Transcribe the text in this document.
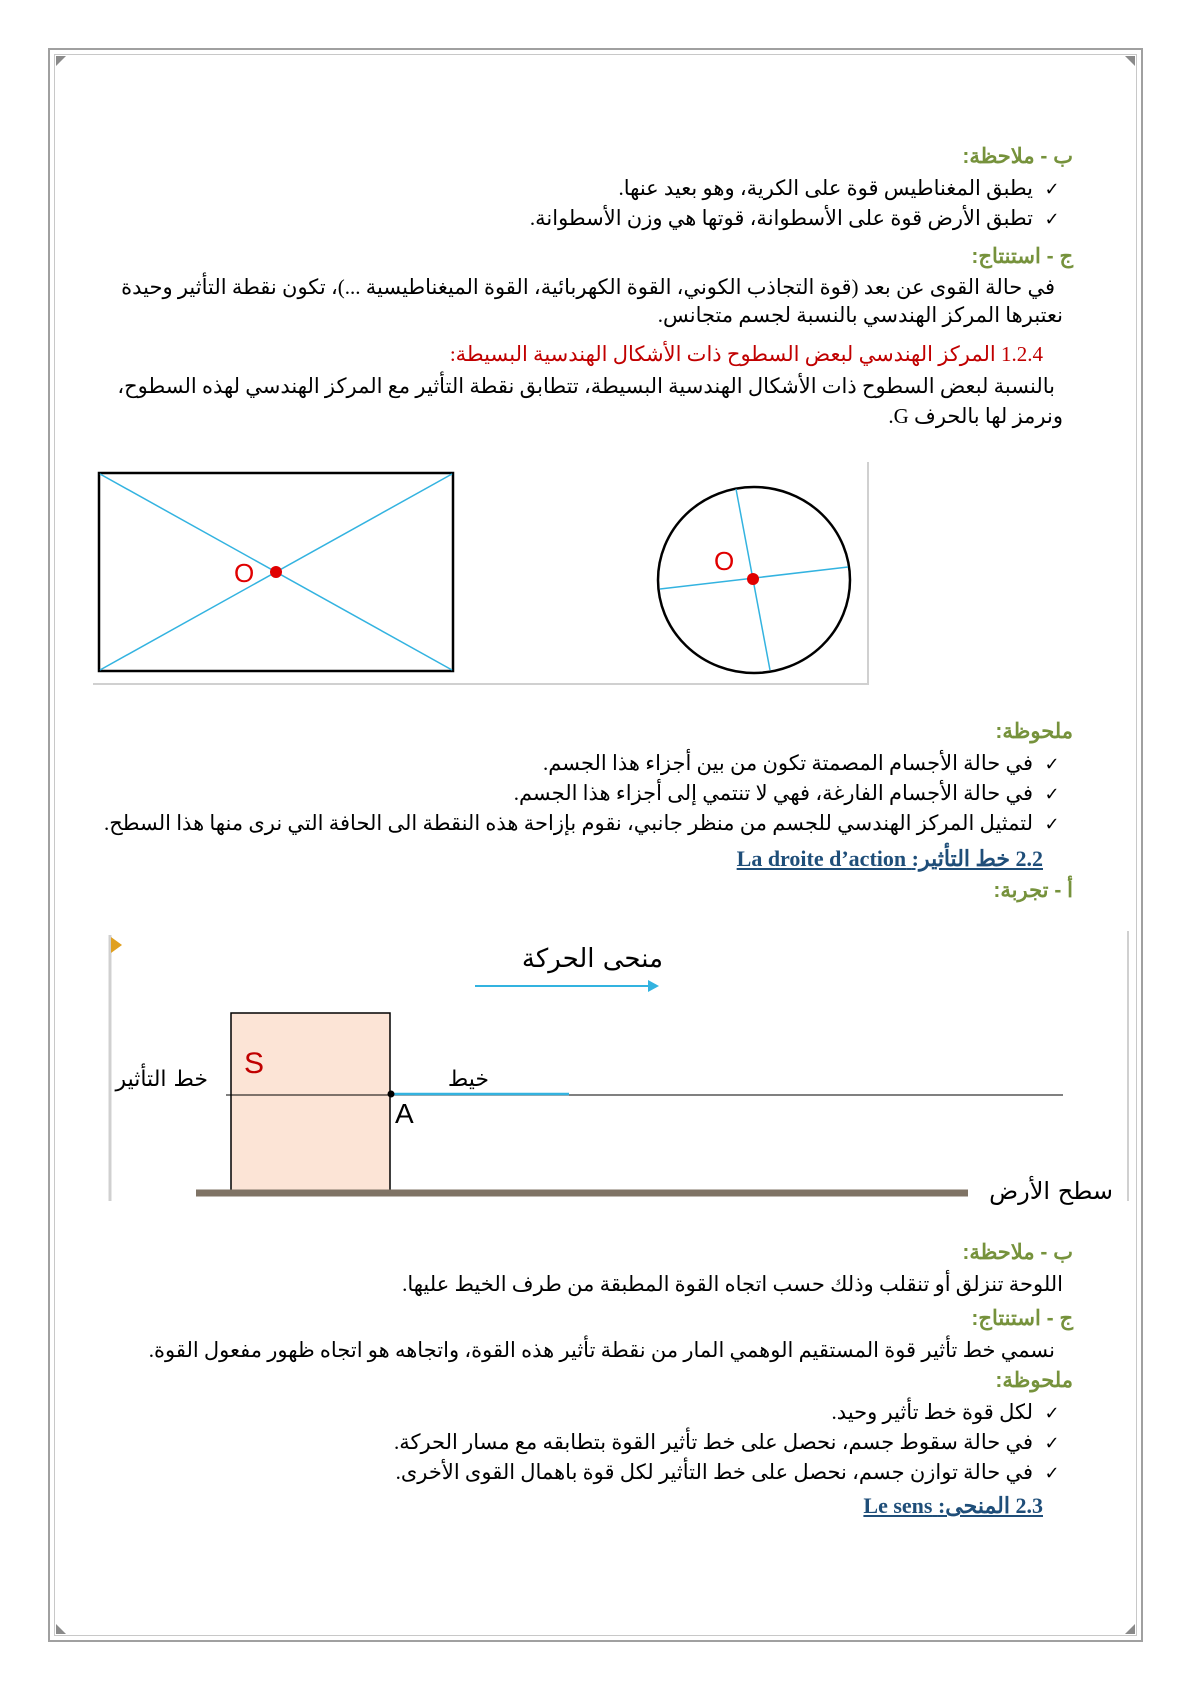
ب - ملاحظة:
✓يطبق المغناطيس قوة على الكرية، وهو بعيد عنها.
✓تطبق الأرض قوة على الأسطوانة، قوتها هي وزن الأسطوانة.
ج - استنتاج:
في حالة القوى عن بعد (قوة التجاذب الكوني، القوة الكهربائية، القوة الميغناطيسية ...)، تكون نقطة التأثير وحيدة
نعتبرها المركز الهندسي بالنسبة لجسم متجانس.
1.2.4 المركز الهندسي لبعض السطوح ذات الأشكال الهندسية البسيطة:
بالنسبة لبعض السطوح ذات الأشكال الهندسية البسيطة، تتطابق نقطة التأثير مع المركز الهندسي لهذه السطوح،
ونرمز لها بالحرف G.
O	O
ملحوظة:
✓في حالة الأجسام المصمتة تكون من بين أجزاء هذا الجسم.
✓في حالة الأجسام الفارغة، فهي لا تنتمي إلى أجزاء هذا الجسم.
✓لتمثيل المركز الهندسي للجسم من منظر جانبي، نقوم بإزاحة هذه النقطة الى الحافة التي نرى منها هذا السطح.
2.2 خط التأثير: La droite d’action
أ - تجربة:
منحى الحركة
S
خط التأثير	خيط
A
سطح الأرض
ب - ملاحظة:
اللوحة تنزلق أو تنقلب وذلك حسب اتجاه القوة المطبقة من طرف الخيط عليها.
ج - استنتاج:
نسمي خط تأثير قوة المستقيم الوهمي المار من نقطة تأثير هذه القوة، واتجاهه هو اتجاه ظهور مفعول القوة.
ملحوظة:
✓لكل قوة خط تأثير وحيد.
✓في حالة سقوط جسم، نحصل على خط تأثير القوة بتطابقه مع مسار الحركة.
✓في حالة توازن جسم، نحصل على خط التأثير لكل قوة باهمال القوى الأخرى.
2.3 المنحى: Le sens
